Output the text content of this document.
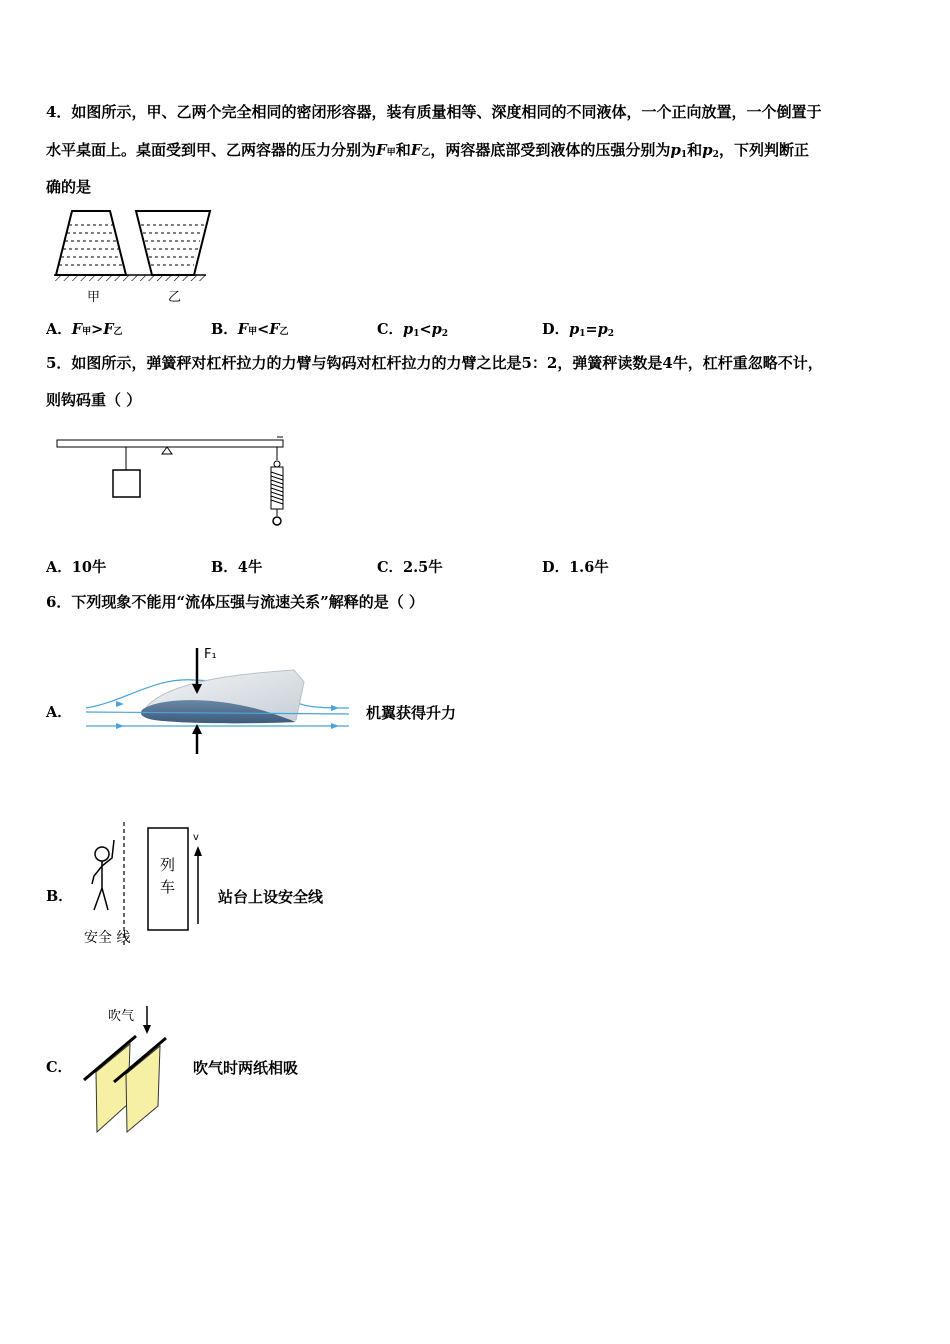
4．如图所示，甲、乙两个完全相同的密闭形容器，装有质量相等、深度相同的不同液体，一个正向放置，一个倒置于
水平桌面上。桌面受到甲、乙两容器的压力分别为F甲和F乙，两容器底部受到液体的压强分别为$p_1$和$p_2$，下列判断正
确的是
甲	乙
A．F甲>F乙	B．F甲<F乙	C．$p_1<p_2$	D．$p_1=p_2$
5．如图所示，弹簧秤对杠杆拉力的力臂与钩码对杠杆拉力的力臂之比是5：2，弹簧秤读数是4牛，杠杆重忽略不计，
则钩码重（ ）
A．10牛	B．4牛	C．2.5牛	D．1.6牛
6．下列现象不能用“流体压强与流速关系”解释的是（ ）
A．
F₁
机翼获得升力
B．
列
车
v
安全 线
站台上设安全线
C．
吹气
吹气时两纸相吸
